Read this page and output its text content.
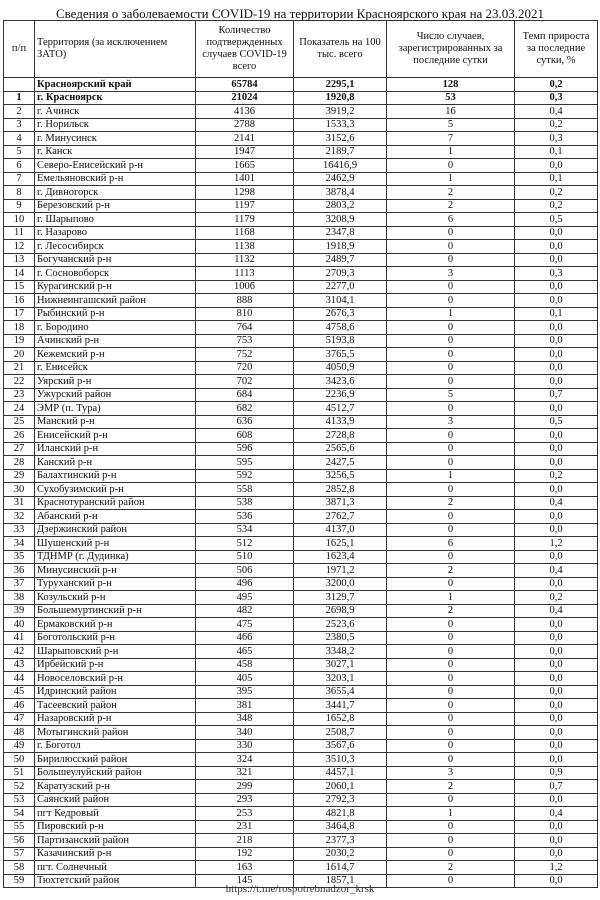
Сведения о заболеваемости COVID-19 на территории Красноярского края на 23.03.2021
п/п	Территория (за исключением ЗАТО)	Количество подтвержденных случаев COVID-19 всего	Показатель на 100 тыс. всего	Число случаев, зарегистрированных за последние сутки	Темп прироста за последние сутки, %
	Красноярский край	65784	2295,1	128	0,2
1	г. Красноярск	21024	1920,8	53	0,3
2	г. Ачинск	4136	3919,2	16	0,4
3	г. Норильск	2788	1533,3	5	0,2
4	г. Минусинск	2141	3152,6	7	0,3
5	г. Канск	1947	2189,7	1	0,1
6	Северо-Енисейский р-н	1665	16416,9	0	0,0
7	Емельяновский р-н	1401	2462,9	1	0,1
8	г. Дивногорск	1298	3878,4	2	0,2
9	Березовский р-н	1197	2803,2	2	0,2
10	г. Шарыпово	1179	3208,9	6	0,5
11	г. Назарово	1168	2347,8	0	0,0
12	г. Лесосибирск	1138	1918,9	0	0,0
13	Богучанский р-н	1132	2489,7	0	0,0
14	г. Сосновоборск	1113	2709,3	3	0,3
15	Курагинский р-н	1006	2277,0	0	0,0
16	Нижнеингашский район	888	3104,1	0	0,0
17	Рыбинский р-н	810	2676,3	1	0,1
18	г. Бородино	764	4758,6	0	0,0
19	Ачинский р-н	753	5193,8	0	0,0
20	Кежемский р-н	752	3765,5	0	0,0
21	г. Енисейск	720	4050,9	0	0,0
22	Уярский р-н	702	3423,6	0	0,0
23	Ужурский район	684	2236,9	5	0,7
24	ЭМР (п. Тура)	682	4512,7	0	0,0
25	Манский р-н	636	4133,9	3	0,5
26	Енисейский р-н	608	2728,8	0	0,0
27	Иланский р-н	596	2565,6	0	0,0
28	Канский р-н	595	2427,5	0	0,0
29	Балахтинский р-н	592	3256,5	1	0,2
30	Сухобузимский р-н	558	2852,8	0	0,0
31	Краснотуранский район	538	3871,3	2	0,4
32	Абанский р-н	536	2762,7	0	0,0
33	Дзержинский район	534	4137,0	0	0,0
34	Шушенский р-н	512	1625,1	6	1,2
35	ТДНМР (г. Дудинка)	510	1623,4	0	0,0
36	Минусинский р-н	506	1971,2	2	0,4
37	Туруханский р-н	496	3200,0	0	0,0
38	Козульский р-н	495	3129,7	1	0,2
39	Большемуртинский р-н	482	2698,9	2	0,4
40	Ермаковский р-н	475	2523,6	0	0,0
41	Боготольский р-н	466	2380,5	0	0,0
42	Шарыповский р-н	465	3348,2	0	0,0
43	Ирбейский р-н	458	3027,1	0	0,0
44	Новоселовский р-н	405	3203,1	0	0,0
45	Идринский район	395	3655,4	0	0,0
46	Тасеевский район	381	3441,7	0	0,0
47	Назаровский р-н	348	1652,8	0	0,0
48	Мотыгинский район	340	2508,7	0	0,0
49	г. Боготол	330	3567,6	0	0,0
50	Бирилюсский район	324	3510,3	0	0,0
51	Большеулуйский район	321	4457,1	3	0,9
52	Каратузский р-н	299	2060,1	2	0,7
53	Саянский район	293	2792,3	0	0,0
54	пгт Кедровый	253	4821,8	1	0,4
55	Пировский р-н	231	3464,8	0	0,0
56	Партизанский район	218	2377,3	0	0,0
57	Казачинский р-н	192	2030,2	0	0,0
58	пгт. Солнечный	163	1614,7	2	1,2
59	Тюхтетский район	145	1857,1	0	0,0
https://t.me/rospotrebnadzor_krsk
